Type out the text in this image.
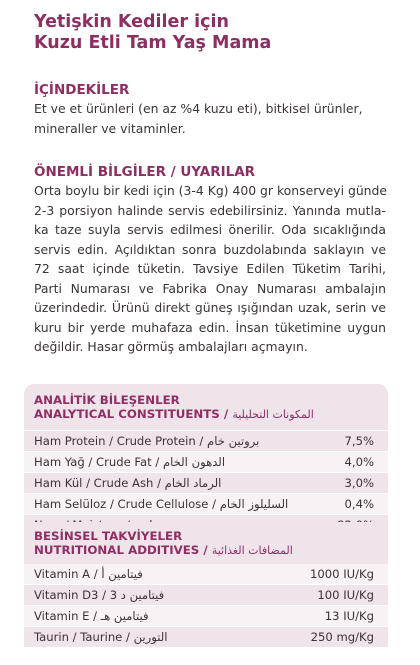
Yetişkin Kediler için
Kuzu Etli Tam Yaş Mama
İÇİNDEKİLER
Et ve et ürünleri (en az %4 kuzu eti), bitkisel ürünler,
mineraller ve vitaminler.
ÖNEMLİ BİLGİLER / UYARILAR
Orta boylu bir kedi için (3-4 Kg) 400 gr konserveyi günde
2-3 porsiyon halinde servis edebilirsiniz. Yanında mutla-
ka taze suyla servis edilmesi önerilir. Oda sıcaklığında
servis edin. Açıldıktan sonra buzdolabında saklayın ve
72 saat içinde tüketin. Tavsiye Edilen Tüketim Tarihi,
Parti Numarası ve Fabrika Onay Numarası ambalajın
üzerindedir. Ürünü direkt güneş ışığından uzak, serin ve
kuru bir yerde muhafaza edin. İnsan tüketimine uygun
değildir. Hasar görmüş ambalajları açmayın.
ANALİTİK BİLEŞENLER
ANALYTICAL CONSTITUENTS / المكونات التحليلية
Ham Protein / Crude Protein / بروتين خام	7,5%
Ham Yağ / Crude Fat / الدهون الخام	4,0%
Ham Kül / Crude Ash / الرماد الخام	3,0%
Ham Selüloz / Crude Cellulose / السليلوز الخام	0,4%
BESİNSEL TAKVİYELER
NUTRITIONAL ADDITIVES / المضافات الغذائية
Vitamin A / فيتامين أ	1000 IU/Kg
Vitamin D3 / فيتامين د 3	100 IU/Kg
Vitamin E / فيتامين هـ	13 IU/Kg
Taurin / Taurine / التورين	250 mg/Kg
